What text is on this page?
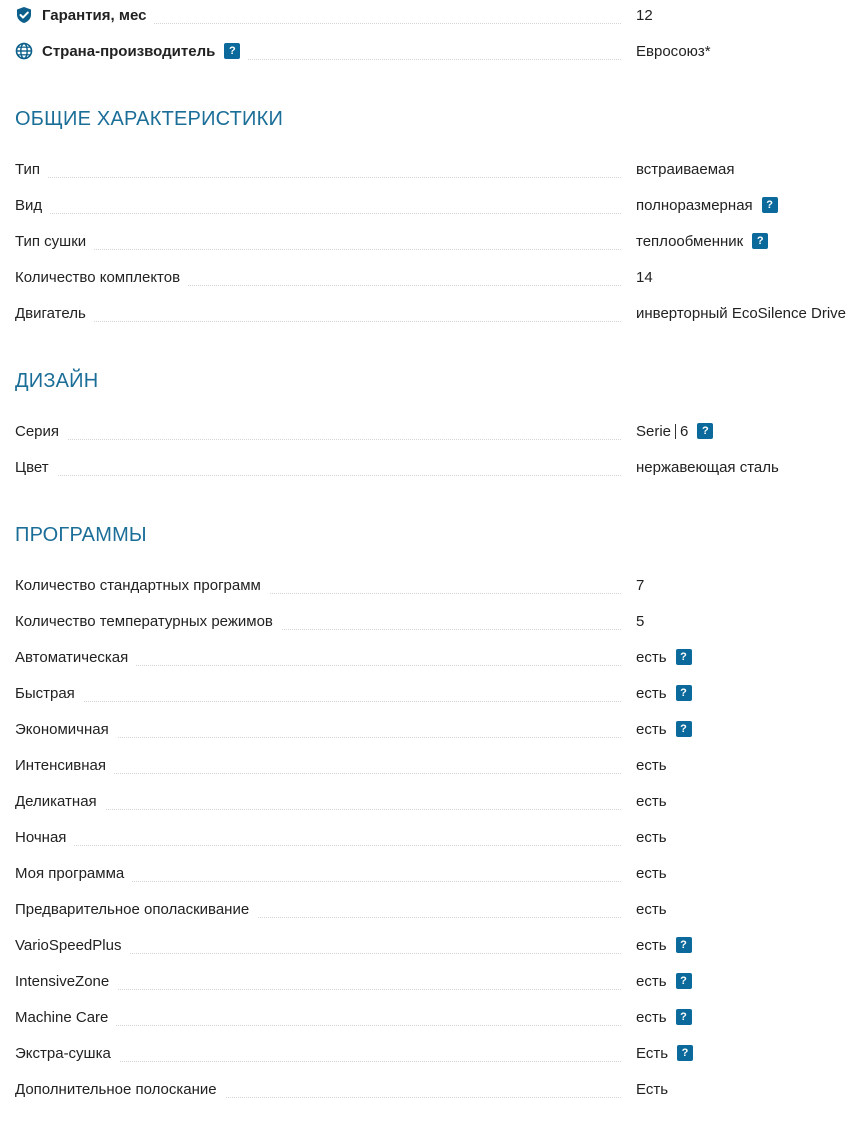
Гарантия, мес	12
Страна-производитель	?	Евросоюз*
ОБЩИЕ ХАРАКТЕРИСТИКИ
Тип	встраиваемая
Вид	полноразмерная	?
Тип сушки	теплообменник	?
Количество комплектов	14
Двигатель	инверторный EcoSilence Drive
ДИЗАЙН
Серия	Serie 6	?
Цвет	нержавеющая сталь
ПРОГРАММЫ
Количество стандартных программ	7
Количество температурных режимов	5
Автоматическая	есть	?
Быстрая	есть	?
Экономичная	есть	?
Интенсивная	есть
Деликатная	есть
Ночная	есть
Моя программа	есть
Предварительное ополаскивание	есть
VarioSpeedPlus	есть	?
IntensiveZone	есть	?
Machine Care	есть	?
Экстра-сушка	Есть	?
Дополнительное полоскание	Есть
